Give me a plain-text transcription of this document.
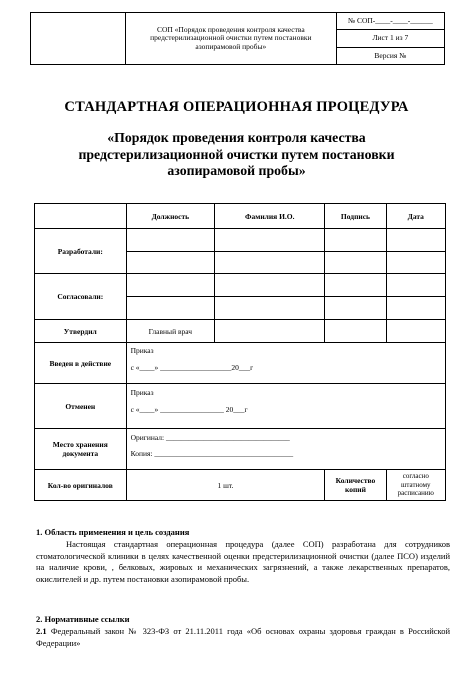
	СОП «Порядок проведения контроля качества предстерилизационной очистки путем постановки азопирамовой пробы»	№ СОП-____-____-______
Лист 1 из 7
Версия №
СТАНДАРТНАЯ ОПЕРАЦИОННАЯ ПРОЦЕДУРА
«Порядок проведения контроля качества предстерилизационной очистки путем постановки азопирамовой пробы»
	Должность	Фамилия И.О.	Подпись	Дата
Разработали:				

Согласовали:				

Утвердил	Главный врач			
Введен в действие	Приказ
с «____» ___________________20___г			

Отменен	Приказ
с «____» _________________ 20___г			

Место хранения документа	Оригинал: _________________________________
Копия: _____________________________________			

Кол-во оригиналов	1 шт.		Количество копий	согласно штатному расписанию
1. Область применения и цель создания
Настоящая стандартная операционная процедура (далее СОП) разработана для сотрудников стоматологической клиники в целях качественной оценки предстерилизационной очистки (далее ПСО) изделий на наличие крови, , белковых, жировых и механических загрязнений, а также лекарственных препаратов, окислителей и др. путем постановки азопирамовой пробы.
2. Нормативные ссылки
2.1 Федеральный закон № 323-ФЗ от 21.11.2011 года «Об основах охраны здоровья граждан в Российской Федерации»
